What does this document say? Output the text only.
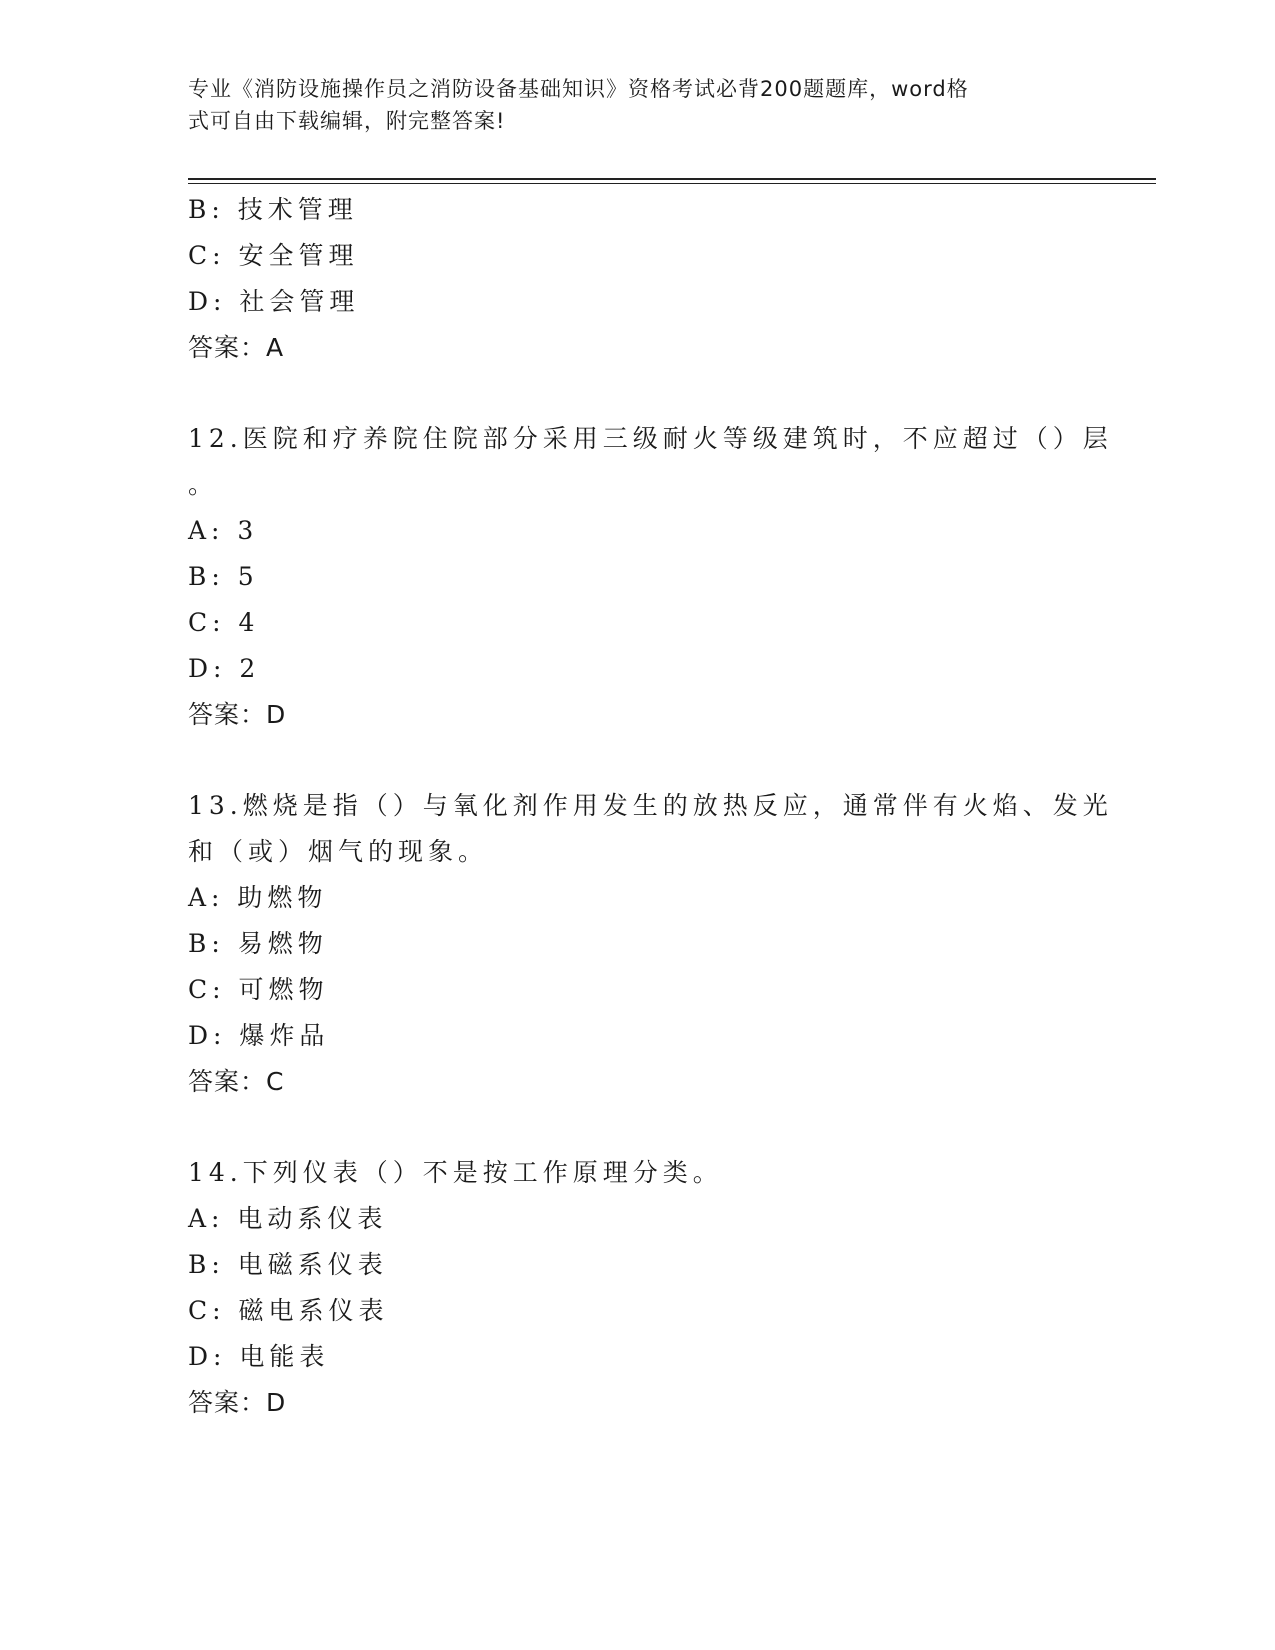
专业《消防设施操作员之消防设备基础知识》资格考试必背200题题库，word格
式可自由下载编辑，附完整答案!
B: 技术管理
C: 安全管理
D: 社会管理
答案：A
12.医院和疗养院住院部分采用三级耐火等级建筑时，不应超过（）层
。
A: 3
B: 5
C: 4
D: 2
答案：D
13.燃烧是指（）与氧化剂作用发生的放热反应，通常伴有火焰、发光
和（或）烟气的现象。
A: 助燃物
B: 易燃物
C: 可燃物
D: 爆炸品
答案：C
14.下列仪表（）不是按工作原理分类。
A: 电动系仪表
B: 电磁系仪表
C: 磁电系仪表
D: 电能表
答案：D
